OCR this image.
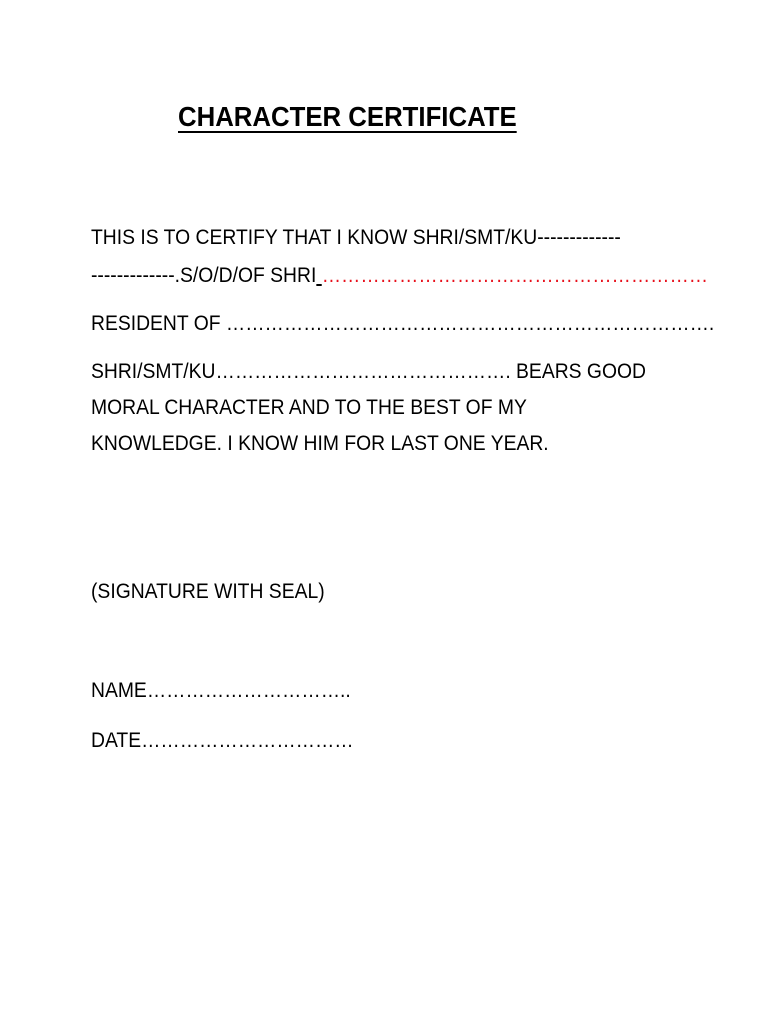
CHARACTER CERTIFICATE
THIS IS TO CERTIFY THAT I KNOW SHRI/SMT/KU-------------
-------------.S/O/D/OF SHRI ……………………………………………………
RESIDENT OF ………………………………………………………………….
SHRI/SMT/KU………………………………………. BEARS GOOD
MORAL CHARACTER AND TO THE BEST OF MY
KNOWLEDGE. I KNOW HIM FOR LAST ONE YEAR.
(SIGNATURE WITH SEAL)
NAME…………………………..
DATE……………………………
